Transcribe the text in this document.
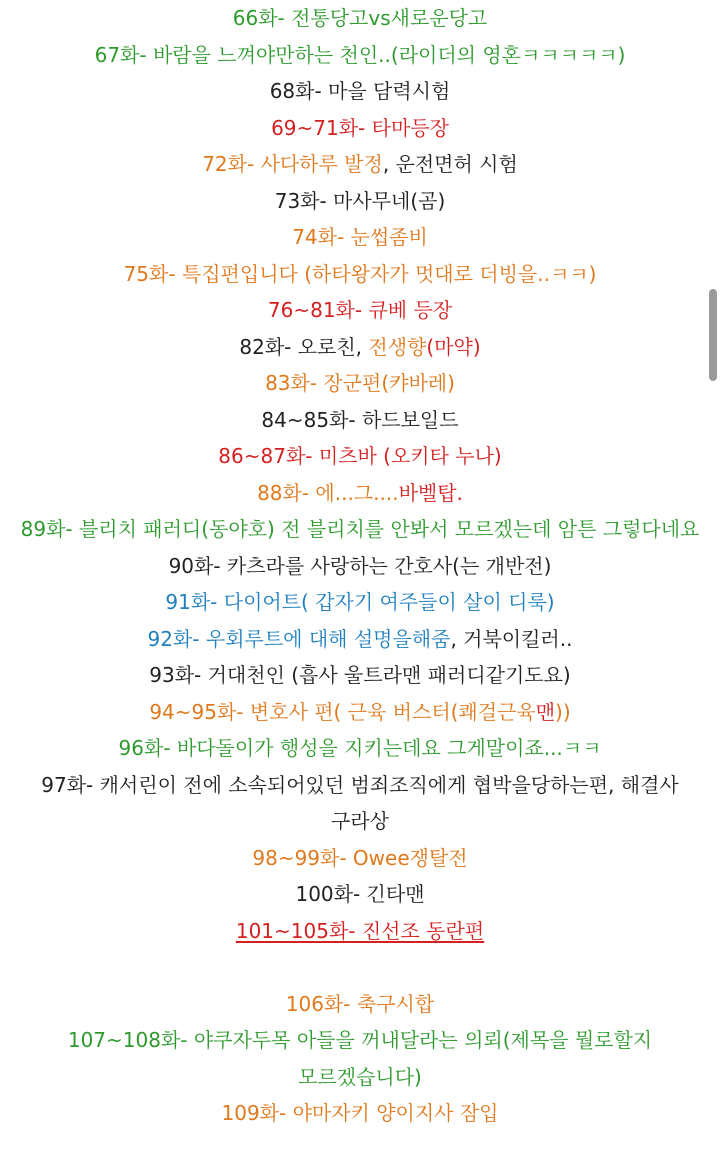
66화- 전통당고vs새로운당고
67화- 바람을 느껴야만하는 천인..(라이더의 영혼ㅋㅋㅋㅋㅋ)
68화- 마을 담력시험
69~71화- 타마등장
72화- 사다하루 발정, 운전면허 시험
73화- 마사무네(곰)
74화- 눈썹좀비
75화- 특집편입니다 (하타왕자가 멋대로 더빙을..ㅋㅋ)
76~81화- 큐베 등장
82화- 오로친, 전생향(마약)
83화- 장군편(캬바레)
84~85화- 하드보일드
86~87화- 미츠바 (오키타 누나)
88화- 에...그....바벨탑.
89화- 블리치 패러디(동야호) 전 블리치를 안봐서 모르겠는데 암튼 그렇다네요
90화- 카츠라를 사랑하는 간호사(는 개반전)
91화- 다이어트( 갑자기 여주들이 살이 디룩)
92화- 우회루트에 대해 설명을해줌, 거북이킬러..
93화- 거대천인 (흡사 울트라맨 패러디같기도요)
94~95화- 변호사 편( 근육 버스터(쾌걸근육맨))
96화- 바다돌이가 행성을 지키는데요 그게말이죠...ㅋㅋ
97화- 캐서린이 전에 소속되어있던 범죄조직에게 협박을당하는편, 해결사 구라상
98~99화- Owee쟁탈전
100화- 긴타맨
101~105화- 진선조 동란편
106화- 축구시합
107~108화- 야쿠자두목 아들을 꺼내달라는 의뢰(제목을 뭘로할지 모르겠습니다)
109화- 야마자키 양이지사 잠입
